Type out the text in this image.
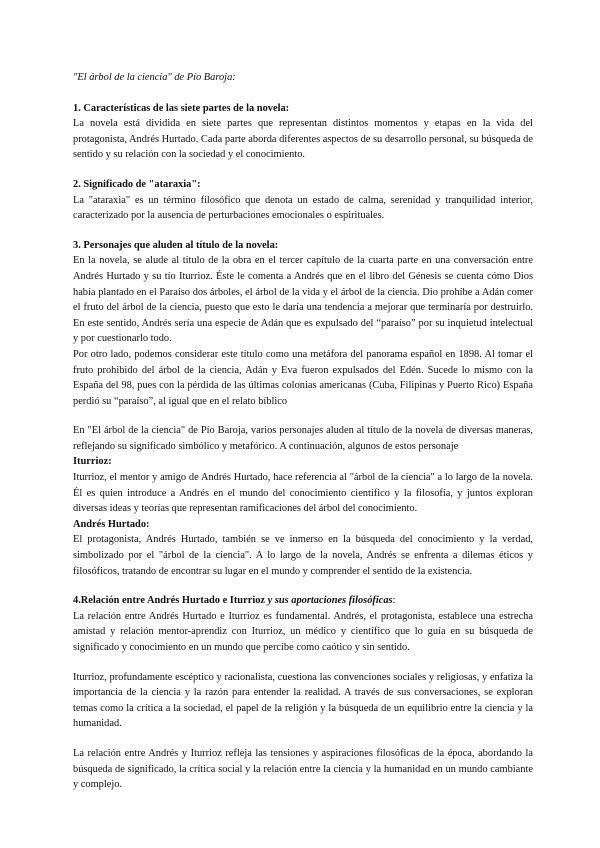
"El árbol de la ciencia" de Pío Baroja:

1. Características de las siete partes de la novela:

La novela está dividida en siete partes que representan distintos momentos y etapas en la vida del protagonista, Andrés Hurtado. Cada parte aborda diferentes aspectos de su desarrollo personal, su búsqueda de sentido y su relación con la sociedad y el conocimiento.

2. Significado de "ataraxia":

La "ataraxia" es un término filosófico que denota un estado de calma, serenidad y tranquilidad interior, caracterizado por la ausencia de perturbaciones emocionales o espirituales.

3. Personajes que aluden al título de la novela:

En la novela, se alude al título de la obra en el tercer capítulo de la cuarta parte en una conversación entre Andrés Hurtado y su tío Iturrioz. Éste le comenta a Andrés que en el libro del Génesis se cuenta cómo Dios había plantado en el Paraíso dos árboles, el árbol de la vida y el árbol de la ciencia. Dio prohíbe a Adán comer el fruto del árbol de la ciencia, puesto que esto le daría una tendencia a mejorar que terminaría por destruirlo. En este sentido, Andrés sería una especie de Adán que es expulsado del “paraíso” por su inquietud intelectual y por cuestionarlo todo.

Por otro lado, podemos considerar este título como una metáfora del panorama español en 1898. Al tomar el fruto prohibido del árbol de la ciencia, Adán y Eva fueron expulsados del Edén. Sucede lo mismo con la España del 98, pues con la pérdida de las últimas colonias americanas (Cuba, Filipinas y Puerto Rico) España perdió su “paraíso”, al igual que en el relato bíblico

En "El árbol de la ciencia" de Pío Baroja, varios personajes aluden al título de la novela de diversas maneras, reflejando su significado simbólico y metafórico. A continuación, algunos de estos personaje

Iturrioz:

Iturrioz, el mentor y amigo de Andrés Hurtado, hace referencia al "árbol de la ciencia" a lo largo de la novela. Él es quien introduce a Andrés en el mundo del conocimiento científico y la filosofía, y juntos exploran diversas ideas y teorías que representan ramificaciones del árbol del conocimiento.

Andrés Hurtado:

El protagonista, Andrés Hurtado, también se ve inmerso en la búsqueda del conocimiento y la verdad, simbolizado por el "árbol de la ciencia". A lo largo de la novela, Andrés se enfrenta a dilemas éticos y filosóficos, tratando de encontrar su lugar en el mundo y comprender el sentido de la existencia.

4.Relación entre Andrés Hurtado e Iturrioz y sus aportaciones filosóficas:

La relación entre Andrés Hurtado e Iturrioz es fundamental. Andrés, el protagonista, establece una estrecha amistad y relación mentor-aprendiz con Iturrioz, un médico y científico que lo guía en su búsqueda de significado y conocimiento en un mundo que percibe como caótico y sin sentido.

Iturrioz, profundamente escéptico y racionalista, cuestiona las convenciones sociales y religiosas, y enfatiza la importancia de la ciencia y la razón para entender la realidad. A través de sus conversaciones, se exploran temas como la crítica a la sociedad, el papel de la religión y la búsqueda de un equilibrio entre la ciencia y la humanidad.

La relación entre Andrés y Iturrioz refleja las tensiones y aspiraciones filosóficas de la época, abordando la búsqueda de significado, la crítica social y la relación entre la ciencia y la humanidad en un mundo cambiante y complejo.
